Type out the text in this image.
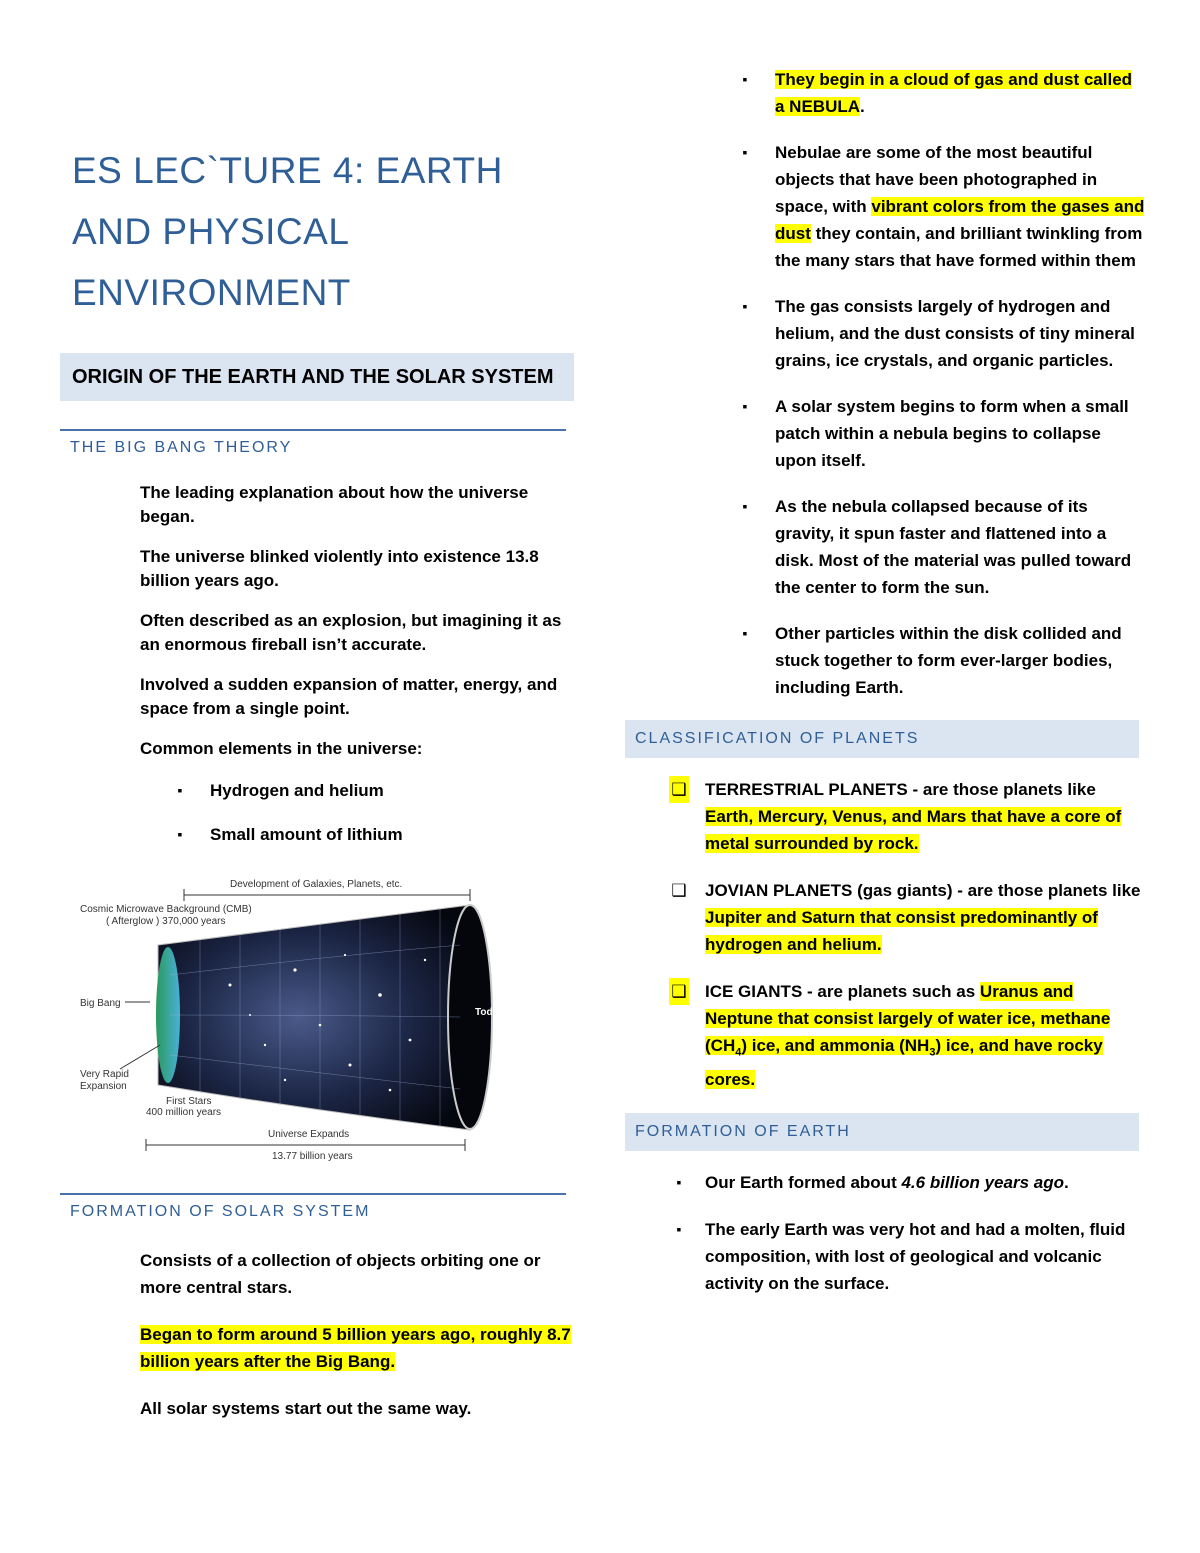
ES LEC`TURE 4: EARTH
AND PHYSICAL
ENVIRONMENT
ORIGIN OF THE EARTH AND THE SOLAR SYSTEM
THE BIG BANG THEORY
The leading explanation about how the universe began.
The universe blinked violently into existence 13.8 billion years ago.
Often described as an explosion, but imagining it as an enormous fireball isn’t accurate.
Involved a sudden expansion of matter, energy, and space from a single point.
Common elements in the universe:
▪	Hydrogen and helium
▪	Small amount of lithium
Development of Galaxies, Planets, etc.
Today
Cosmic Microwave Background (CMB)
( Afterglow ) 370,000 years
Big Bang
Very Rapid
Expansion
First Stars
400 million years
Universe Expands
13.77 billion years
FORMATION OF SOLAR SYSTEM
Consists of a collection of objects orbiting one or more central stars.
Began to form around 5 billion years ago, roughly 8.7 billion years after the Big Bang.
All solar systems start out the same way.
▪	They begin in a cloud of gas and dust called a NEBULA.
▪	Nebulae are some of the most beautiful objects that have been photographed in space, with vibrant colors from the gases and dust they contain, and brilliant twinkling from the many stars that have formed within them
▪	The gas consists largely of hydrogen and helium, and the dust consists of tiny mineral grains, ice crystals, and organic particles.
▪	A solar system begins to form when a small patch within a nebula begins to collapse upon itself.
▪	As the nebula collapsed because of its gravity, it spun faster and flattened into a disk. Most of the material was pulled toward the center to form the sun.
▪	Other particles within the disk collided and stuck together to form ever-larger bodies, including Earth.
CLASSIFICATION OF PLANETS
❑ TERRESTRIAL PLANETS - are those planets like Earth, Mercury, Venus, and Mars that have a core of metal surrounded by rock.
❑ JOVIAN PLANETS (gas giants) - are those planets like Jupiter and Saturn that consist predominantly of hydrogen and helium.
❑ ICE GIANTS - are planets such as Uranus and Neptune that consist largely of water ice, methane $(CH_4)$ ice, and ammonia $(NH_3)$ ice, and have rocky cores.
FORMATION OF EARTH
▪	Our Earth formed about 4.6 billion years ago.
▪	The early Earth was very hot and had a molten, fluid composition, with lost of geological and volcanic activity on the surface.
